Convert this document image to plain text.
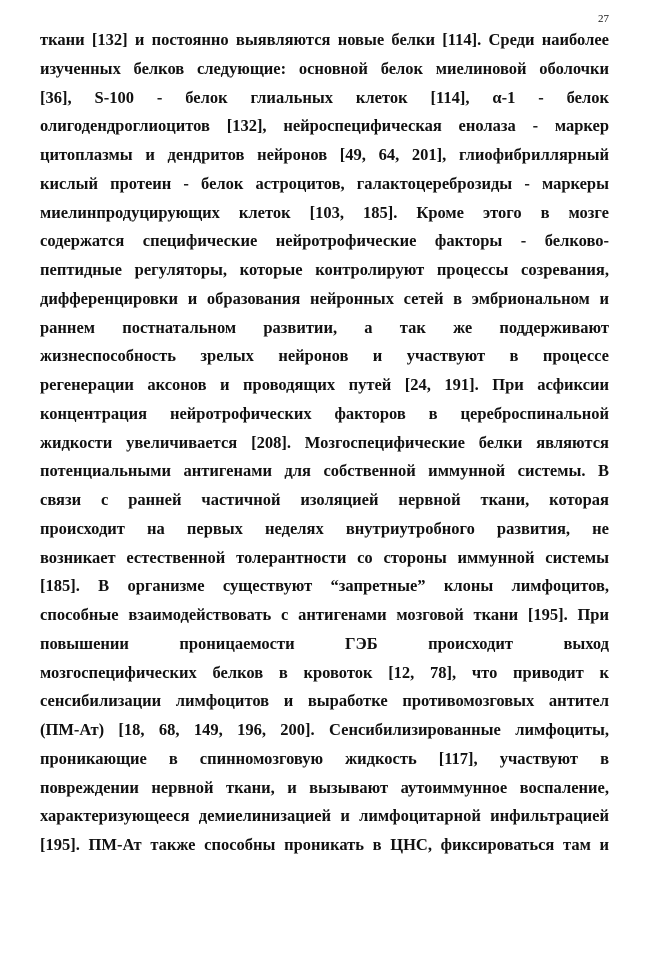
27
ткани [132] и постоянно выявляются новые белки [114]. Среди наиболее
изученных белков следующие: основной белок миелиновой оболочки
[36], S-100 - белок глиальных клеток [114], α-1 - белок
олигодендроглиоцитов [132], нейроспецифическая енолаза - маркер
цитоплазмы и дендритов нейронов [49, 64, 201], глиофибриллярный
кислый протеин - белок астроцитов, галактоцереброзиды - маркеры
миелинпродуцирующих клеток [103, 185]. Кроме этого в мозге
содержатся специфические нейротрофические факторы - белково-
пептидные регуляторы, которые контролируют процессы созревания,
дифференцировки и образования нейронных сетей в эмбриональном и
раннем постнатальном развитии, а так же поддерживают
жизнеспособность зрелых нейронов и участвуют в процессе
регенерации аксонов и проводящих путей [24, 191]. При асфиксии
концентрация нейротрофических факторов в цереброспинальной
жидкости увеличивается [208]. Мозгоспецифические белки являются
потенциальными антигенами для собственной иммунной системы. В
связи с ранней частичной изоляцией нервной ткани, которая
происходит на первых неделях внутриутробного развития, не
возникает естественной толерантности со стороны иммунной системы
[185]. В организме существуют “запретные” клоны лимфоцитов,
способные взаимодействовать с антигенами мозговой ткани [195]. При
повышении проницаемости ГЭБ происходит выход
мозгоспецифических белков в кровоток [12, 78], что приводит к
сенсибилизации лимфоцитов и выработке противомозговых антител
(ПМ-Ат) [18, 68, 149, 196, 200]. Сенсибилизированные лимфоциты,
проникающие в спинномозговую жидкость [117], участвуют в
повреждении нервной ткани, и вызывают аутоиммунное воспаление,
характеризующееся демиелинизацией и лимфоцитарной инфильтрацией
[195]. ПМ-Ат также способны проникать в ЦНС, фиксироваться там и
